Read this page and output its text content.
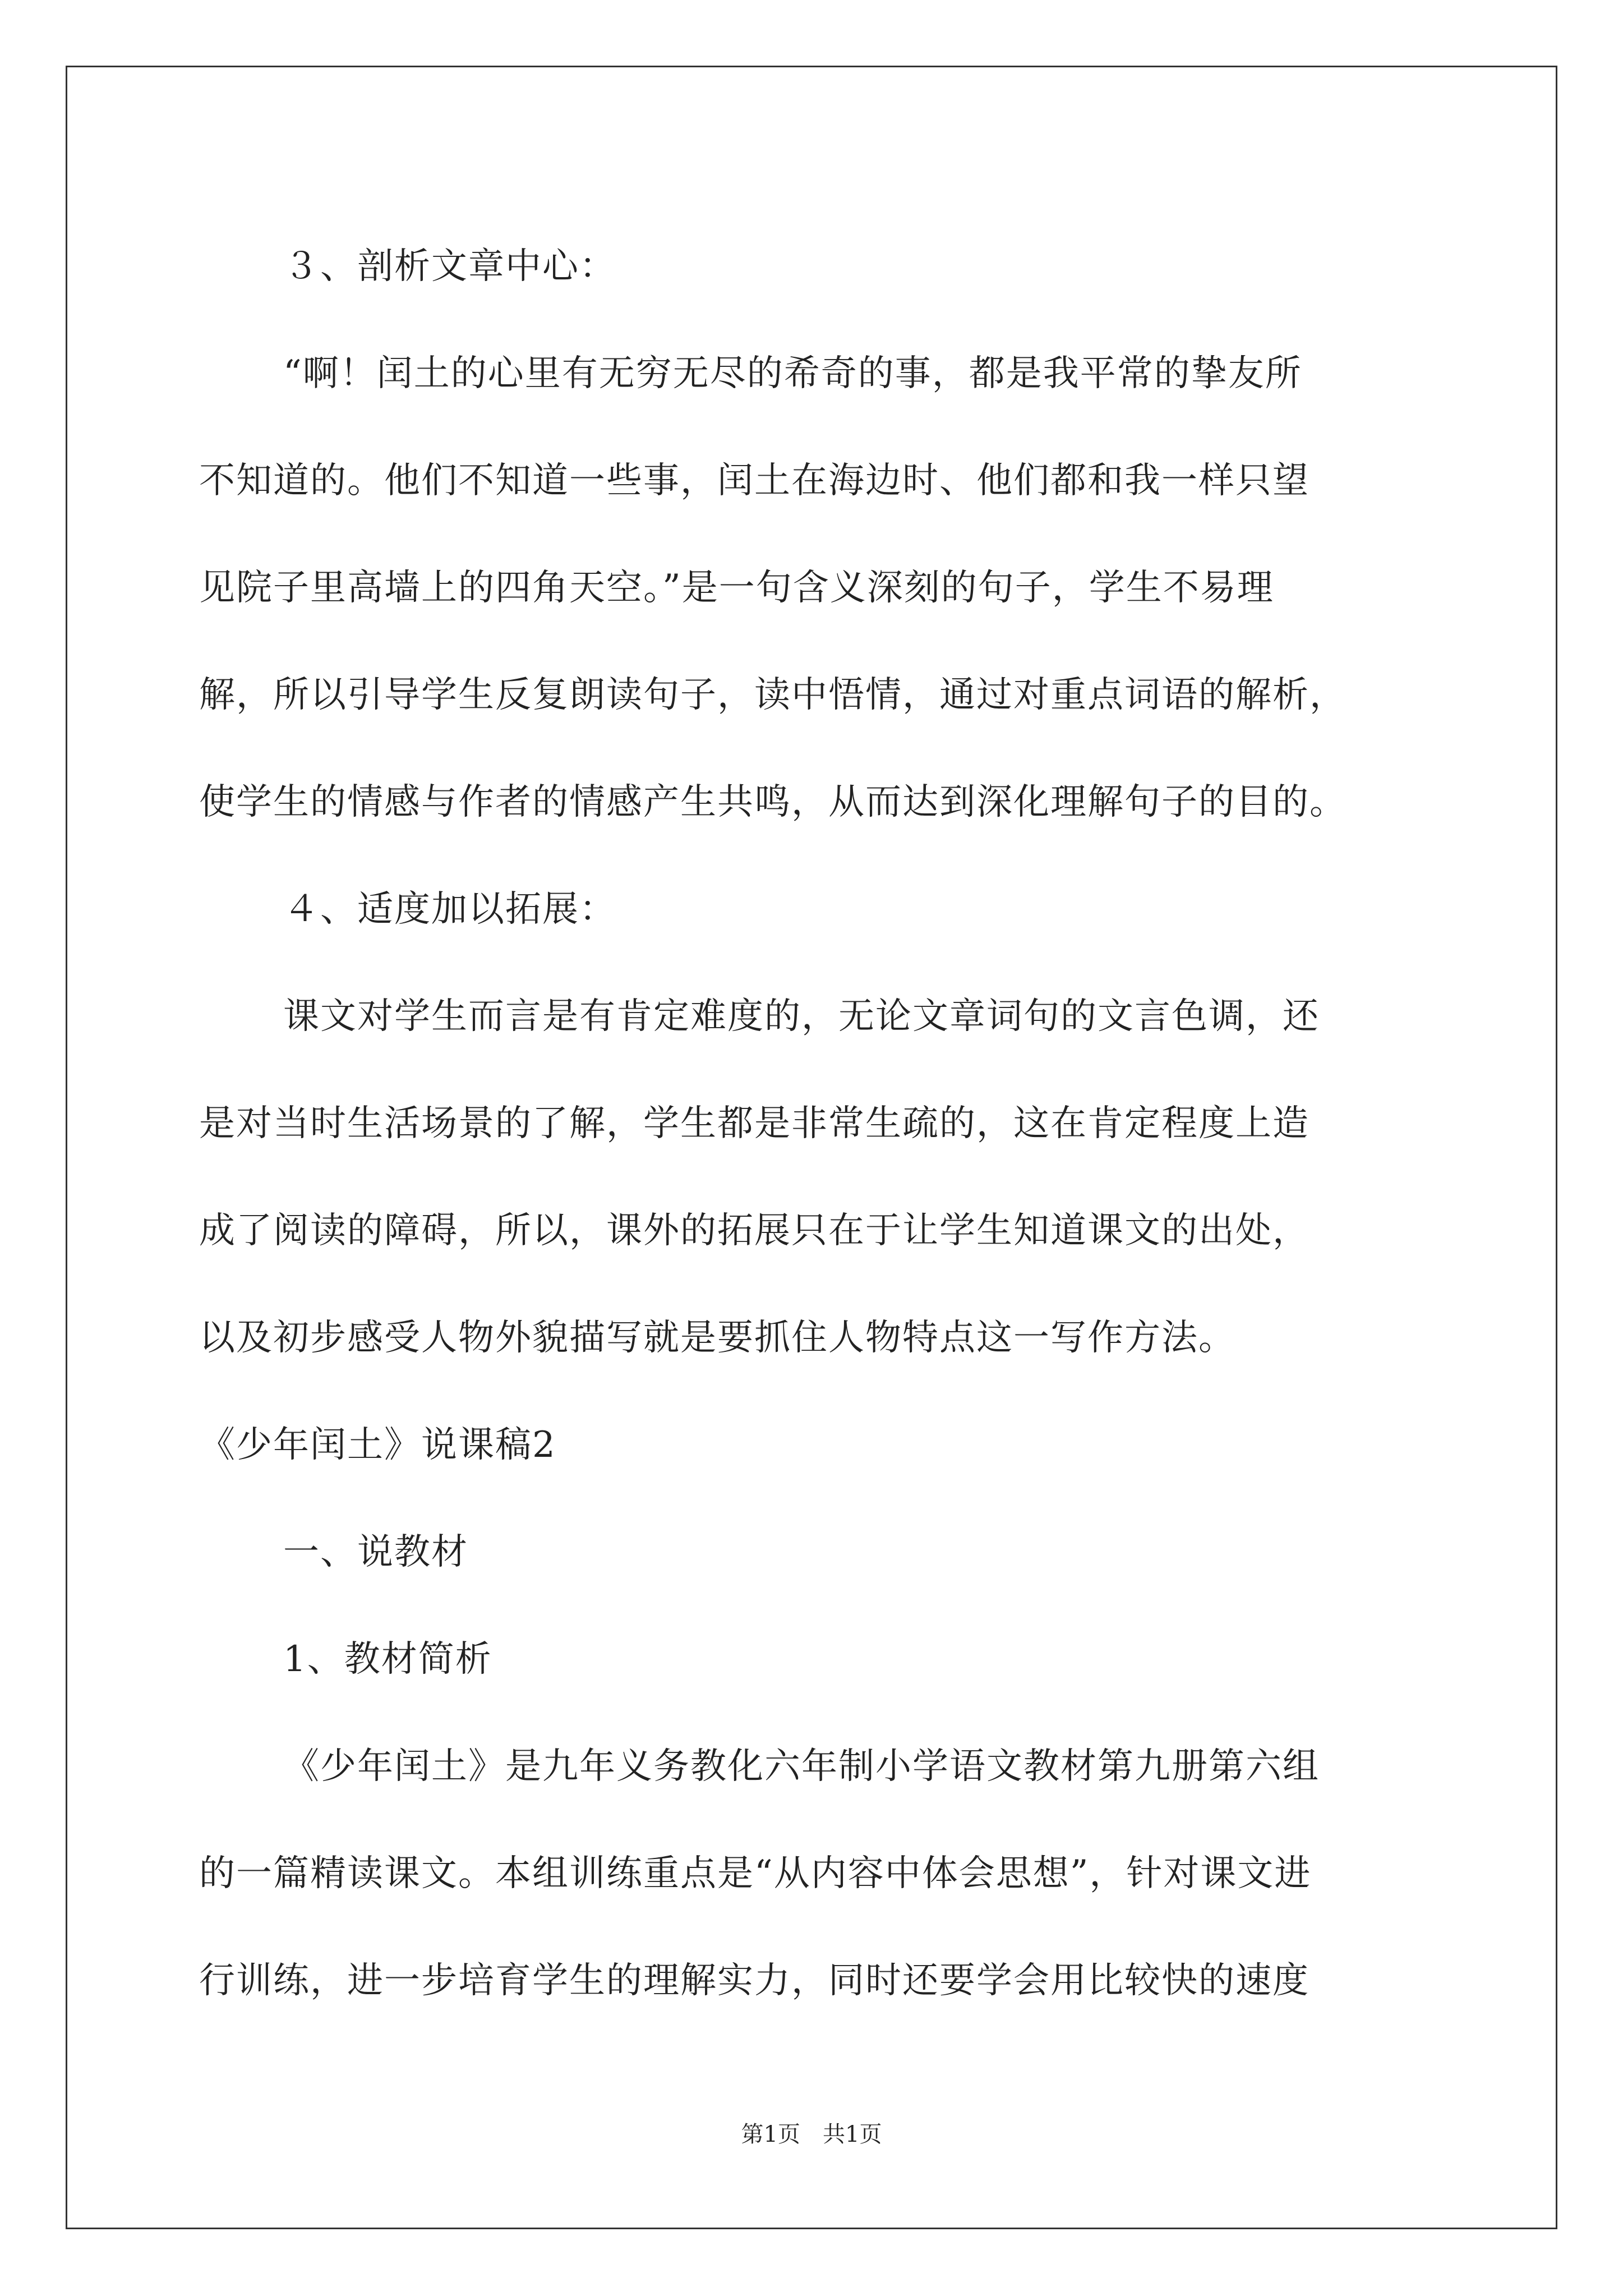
３、剖析文章中心：
“啊！闰土的心里有无穷无尽的希奇的事，都是我平常的挚友所
不知道的。他们不知道一些事，闰土在海边时、他们都和我一样只望
见院子里高墙上的四角天空。”是一句含义深刻的句子，学生不易理
解，所以引导学生反复朗读句子，读中悟情，通过对重点词语的解析，
使学生的情感与作者的情感产生共鸣，从而达到深化理解句子的目的。
４、适度加以拓展：
课文对学生而言是有肯定难度的，无论文章词句的文言色调，还
是对当时生活场景的了解，学生都是非常生疏的，这在肯定程度上造
成了阅读的障碍，所以，课外的拓展只在于让学生知道课文的出处，
以及初步感受人物外貌描写就是要抓住人物特点这一写作方法。
《少年闰土》说课稿2
一、说教材
1、教材简析
《少年闰土》是九年义务教化六年制小学语文教材第九册第六组
的一篇精读课文。本组训练重点是“从内容中体会思想”，针对课文进
行训练，进一步培育学生的理解实力，同时还要学会用比较快的速度
第1页　共1页
